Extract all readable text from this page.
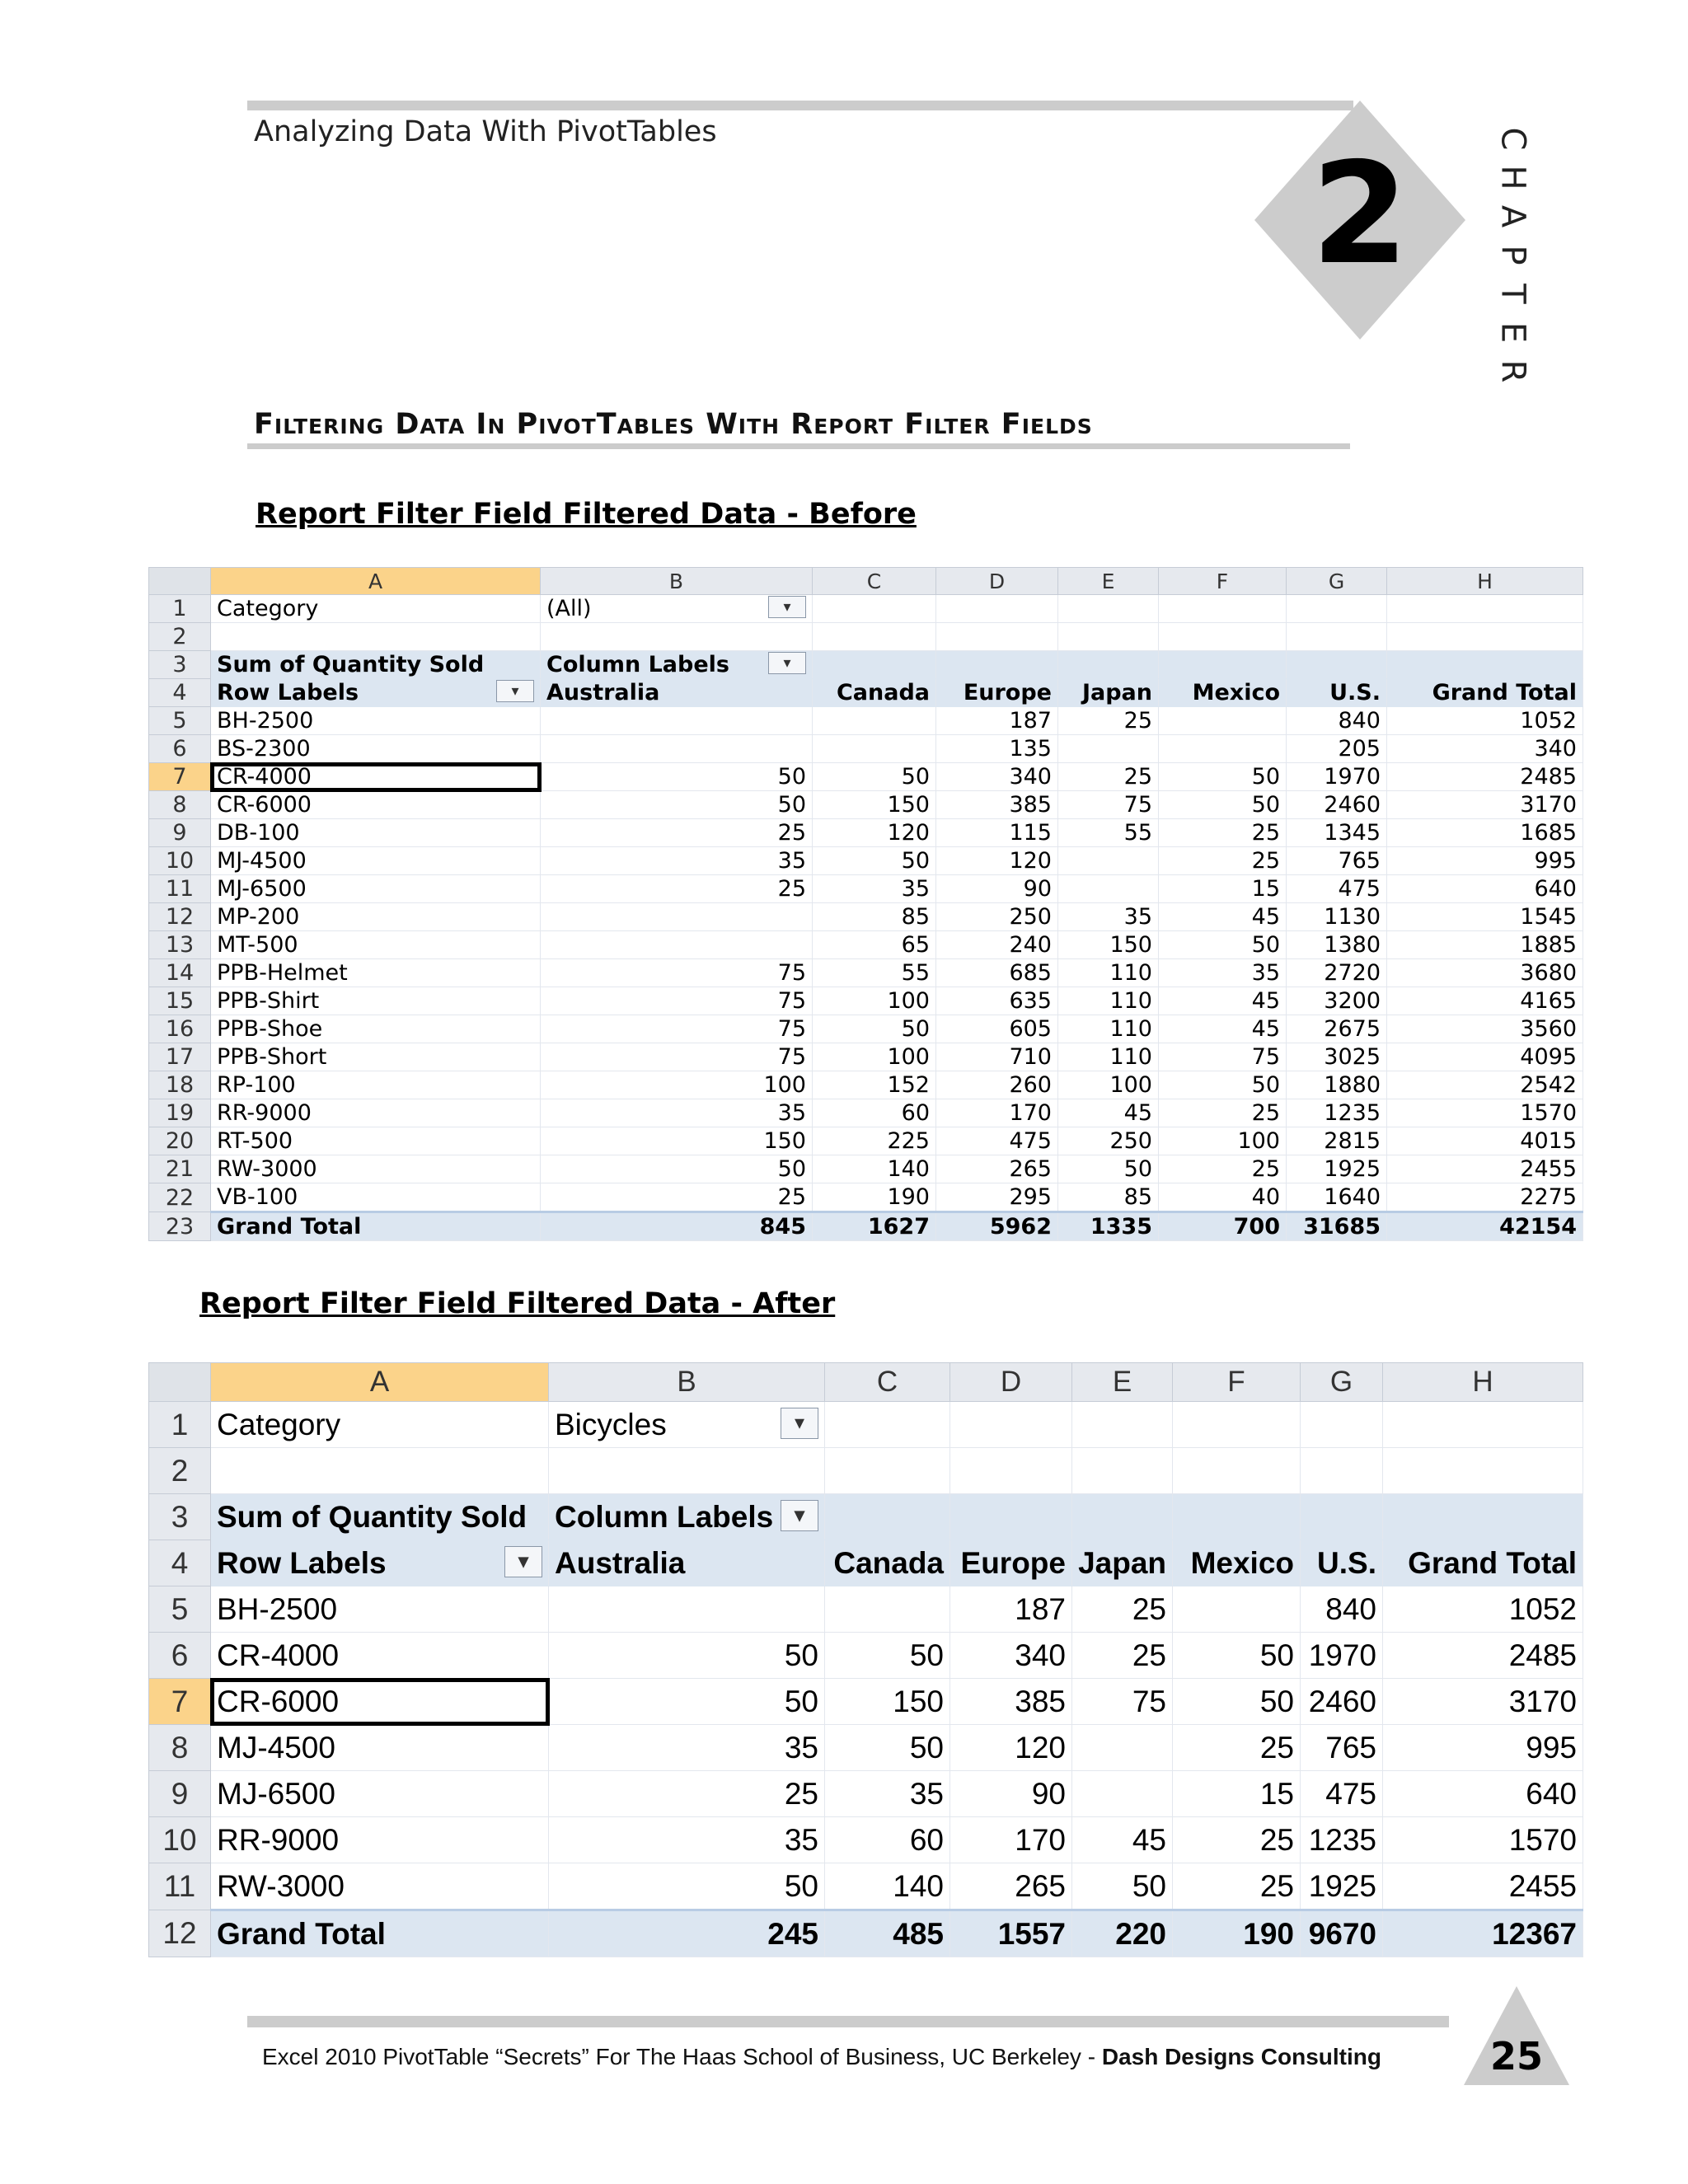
Analyzing Data With PivotTables
2	C
H
A
P
T
E
R
Filtering Data In PivotTables With Report Filter Fields
Report Filter Field Filtered Data - Before
	A	B	C	D	E	F	G	H
1	Category	(All) ▾						

2								
3	Sum of Quantity Sold	Column Labels ▾						

4	Row Labels ▾	Australia	Canada	Europe	Japan	Mexico	U.S.	Grand Total
5	BH-2500			187	25		840	1052
6	BS-2300			135			205	340
7	CR-4000	50	50	340	25	50	1970	2485
8	CR-6000	50	150	385	75	50	2460	3170
9	DB-100	25	120	115	55	25	1345	1685
10	MJ-4500	35	50	120		25	765	995
11	MJ-6500	25	35	90		15	475	640
12	MP-200		85	250	35	45	1130	1545
13	MT-500		65	240	150	50	1380	1885
14	PPB-Helmet	75	55	685	110	35	2720	3680
15	PPB-Shirt	75	100	635	110	45	3200	4165
16	PPB-Shoe	75	50	605	110	45	2675	3560
17	PPB-Short	75	100	710	110	75	3025	4095
18	RP-100	100	152	260	100	50	1880	2542
19	RR-9000	35	60	170	45	25	1235	1570
20	RT-500	150	225	475	250	100	2815	4015
21	RW-3000	50	140	265	50	25	1925	2455
22	VB-100	25	190	295	85	40	1640	2275
23	Grand Total	845	1627	5962	1335	700	31685	42154
Report Filter Field Filtered Data - After
	A	B	C	D	E	F	G	H
1	Category	Bicycles ▾						

2								
3	Sum of Quantity Sold	Column Labels ▾						

4	Row Labels ▾	Australia	Canada	Europe	Japan	Mexico	U.S.	Grand Total
5	BH-2500			187	25		840	1052
6	CR-4000	50	50	340	25	50	1970	2485
7	CR-6000	50	150	385	75	50	2460	3170
8	MJ-4500	35	50	120		25	765	995
9	MJ-6500	25	35	90		15	475	640
10	RR-9000	35	60	170	45	25	1235	1570
11	RW-3000	50	140	265	50	25	1925	2455
12	Grand Total	245	485	1557	220	190	9670	12367
Excel 2010 PivotTable “Secrets” For The Haas School of Business, UC Berkeley - Dash Designs Consulting	25
